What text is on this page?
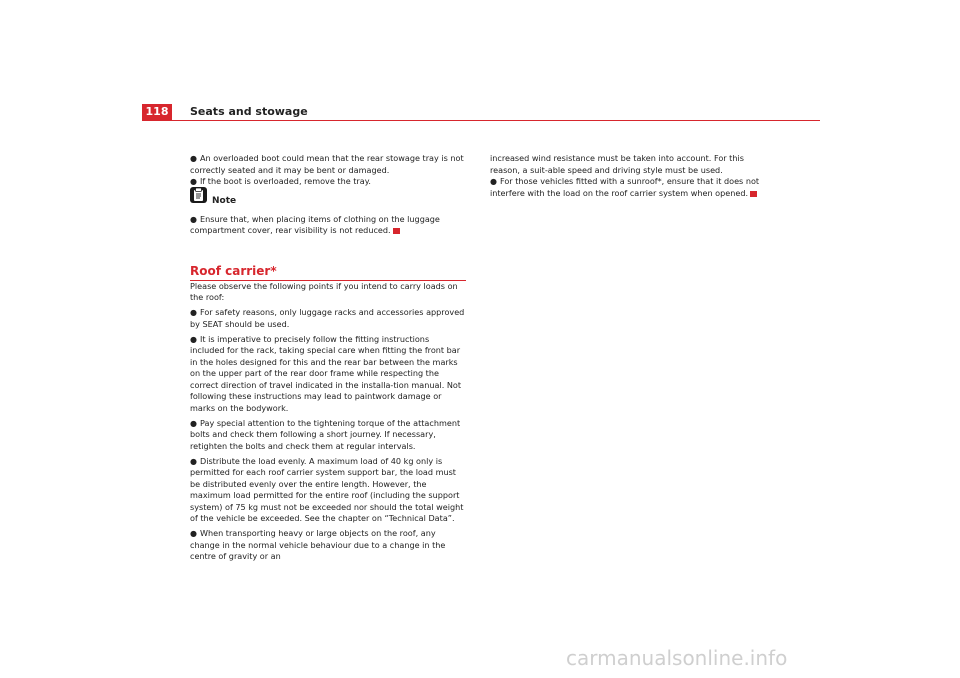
118	Seats and stowage

● An overloaded boot could mean that the rear stowage tray is not correctly seated and it may be bent or damaged.

● If the boot is overloaded, remove the tray.

Note

● Ensure that, when placing items of clothing on the luggage compartment cover, rear visibility is not reduced.

Roof carrier*

Please observe the following points if you intend to carry loads on the roof:

● For safety reasons, only luggage racks and accessories approved by SEAT should be used.

● It is imperative to precisely follow the fitting instructions included for the rack, taking special care when fitting the front bar in the holes designed for this and the rear bar between the marks on the upper part of the rear door frame while respecting the correct direction of travel indicated in the installa-tion manual. Not following these instructions may lead to paintwork damage or marks on the bodywork.

● Pay special attention to the tightening torque of the attachment bolts and check them following a short journey. If necessary, retighten the bolts and check them at regular intervals.

● Distribute the load evenly. A maximum load of 40 kg only is permitted for each roof carrier system support bar, the load must be distributed evenly over the entire length. However, the maximum load permitted for the entire roof (including the support system) of 75 kg must not be exceeded nor should the total weight of the vehicle be exceeded. See the chapter on “Technical Data”.

● When transporting heavy or large objects on the roof, any change in the normal vehicle behaviour due to a change in the centre of gravity or an

increased wind resistance must be taken into account. For this reason, a suit-able speed and driving style must be used.

● For those vehicles fitted with a sunroof*, ensure that it does not interfere with the load on the roof carrier system when opened.

carmanualsonline.info
